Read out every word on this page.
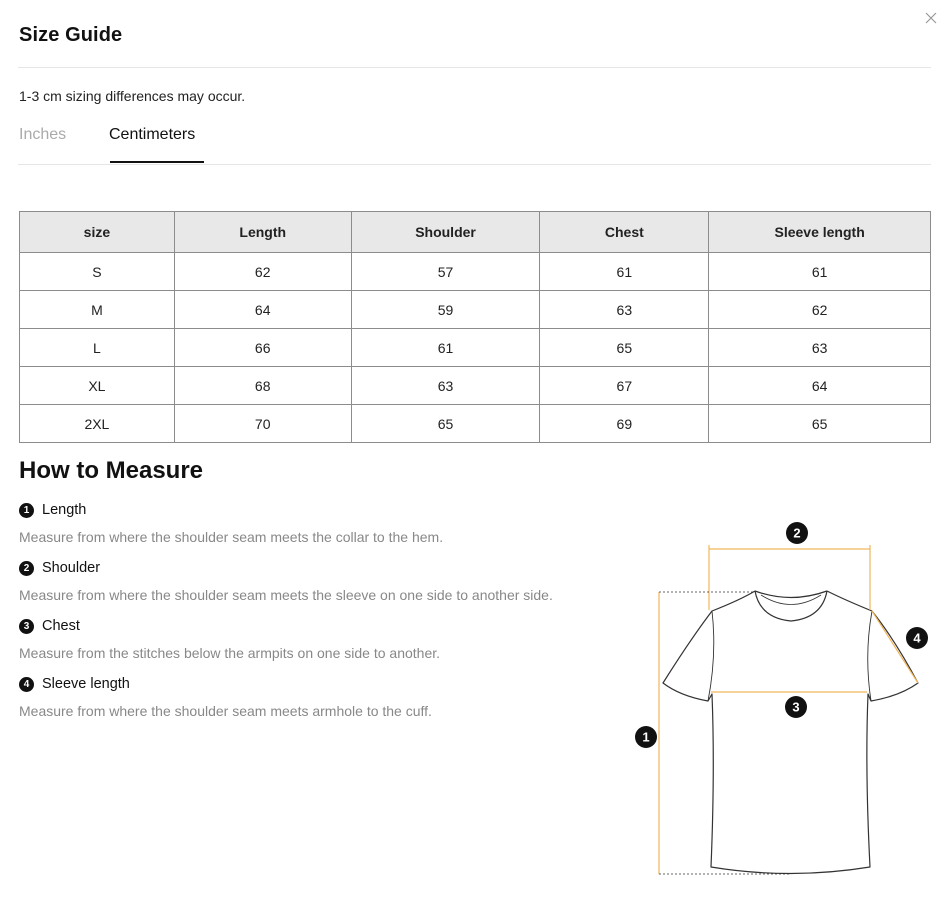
Size Guide
1-3 cm sizing differences may occur.
Inches	Centimeters
size	Length	Shoulder	Chest	Sleeve length
S	62	57	61	61
M	64	59	63	62
L	66	61	65	63
XL	68	63	67	64
2XL	70	65	69	65
How to Measure
1 Length
Measure from where the shoulder seam meets the collar to the hem.
2 Shoulder
Measure from where the shoulder seam meets the sleeve on one side to another side.
3 Chest
Measure from the stitches below the armpits on one side to another.
4 Sleeve length
Measure from where the shoulder seam meets armhole to the cuff.
2
4
3
1
